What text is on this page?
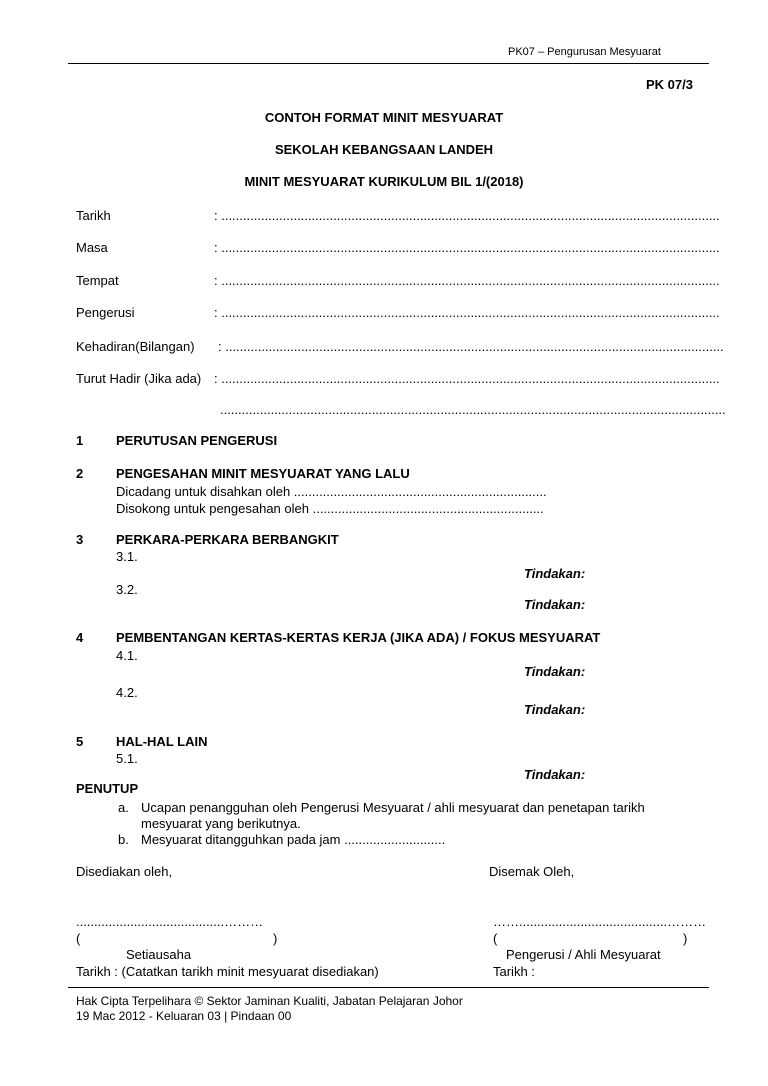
PK07 – Pengurusan Mesyuarat
PK 07/3
CONTOH FORMAT MINIT MESYUARAT
SEKOLAH KEBANGSAAN LANDEH
MINIT MESYUARAT KURIKULUM BIL 1/(2018)
Tarikh	: ..........................................................................................................................................
Masa	: ..........................................................................................................................................
Tempat	: ..........................................................................................................................................
Pengerusi	: ..........................................................................................................................................
Kehadiran(Bilangan) : ..........................................................................................................................................
Turut Hadir (Jika ada) : ..........................................................................................................................................
............................................................................................................................................
1	PERUTUSAN PENGERUSI
2	PENGESAHAN MINIT MESYUARAT YANG LALU
Dicadang untuk disahkan oleh ......................................................................
Disokong untuk pengesahan oleh ................................................................
3	PERKARA-PERKARA BERBANGKIT
3.1.
Tindakan:
3.2.
Tindakan:
4	PEMBENTANGAN KERTAS-KERTAS KERJA (JIKA ADA) / FOKUS MESYUARAT
4.1.
Tindakan:
4.2.
Tindakan:
5	HAL-HAL LAIN
5.1.
Tindakan:
PENUTUP
a. Ucapan penangguhan oleh Pengerusi Mesyuarat / ahli mesyuarat dan penetapan tarikh
mesyuarat yang berikutnya.
b. Mesyuarat ditangguhkan pada jam ............................
Disediakan oleh,	Disemak Oleh,
.........................................………	…….........................................………
(	)	(	)
Setiausaha	Pengerusi / Ahli Mesyuarat
Tarikh : (Catatkan tarikh minit mesyuarat disediakan)	Tarikh :
Hak Cipta Terpelihara © Sektor Jaminan Kualiti, Jabatan Pelajaran Johor
19 Mac 2012 - Keluaran 03 | Pindaan 00
